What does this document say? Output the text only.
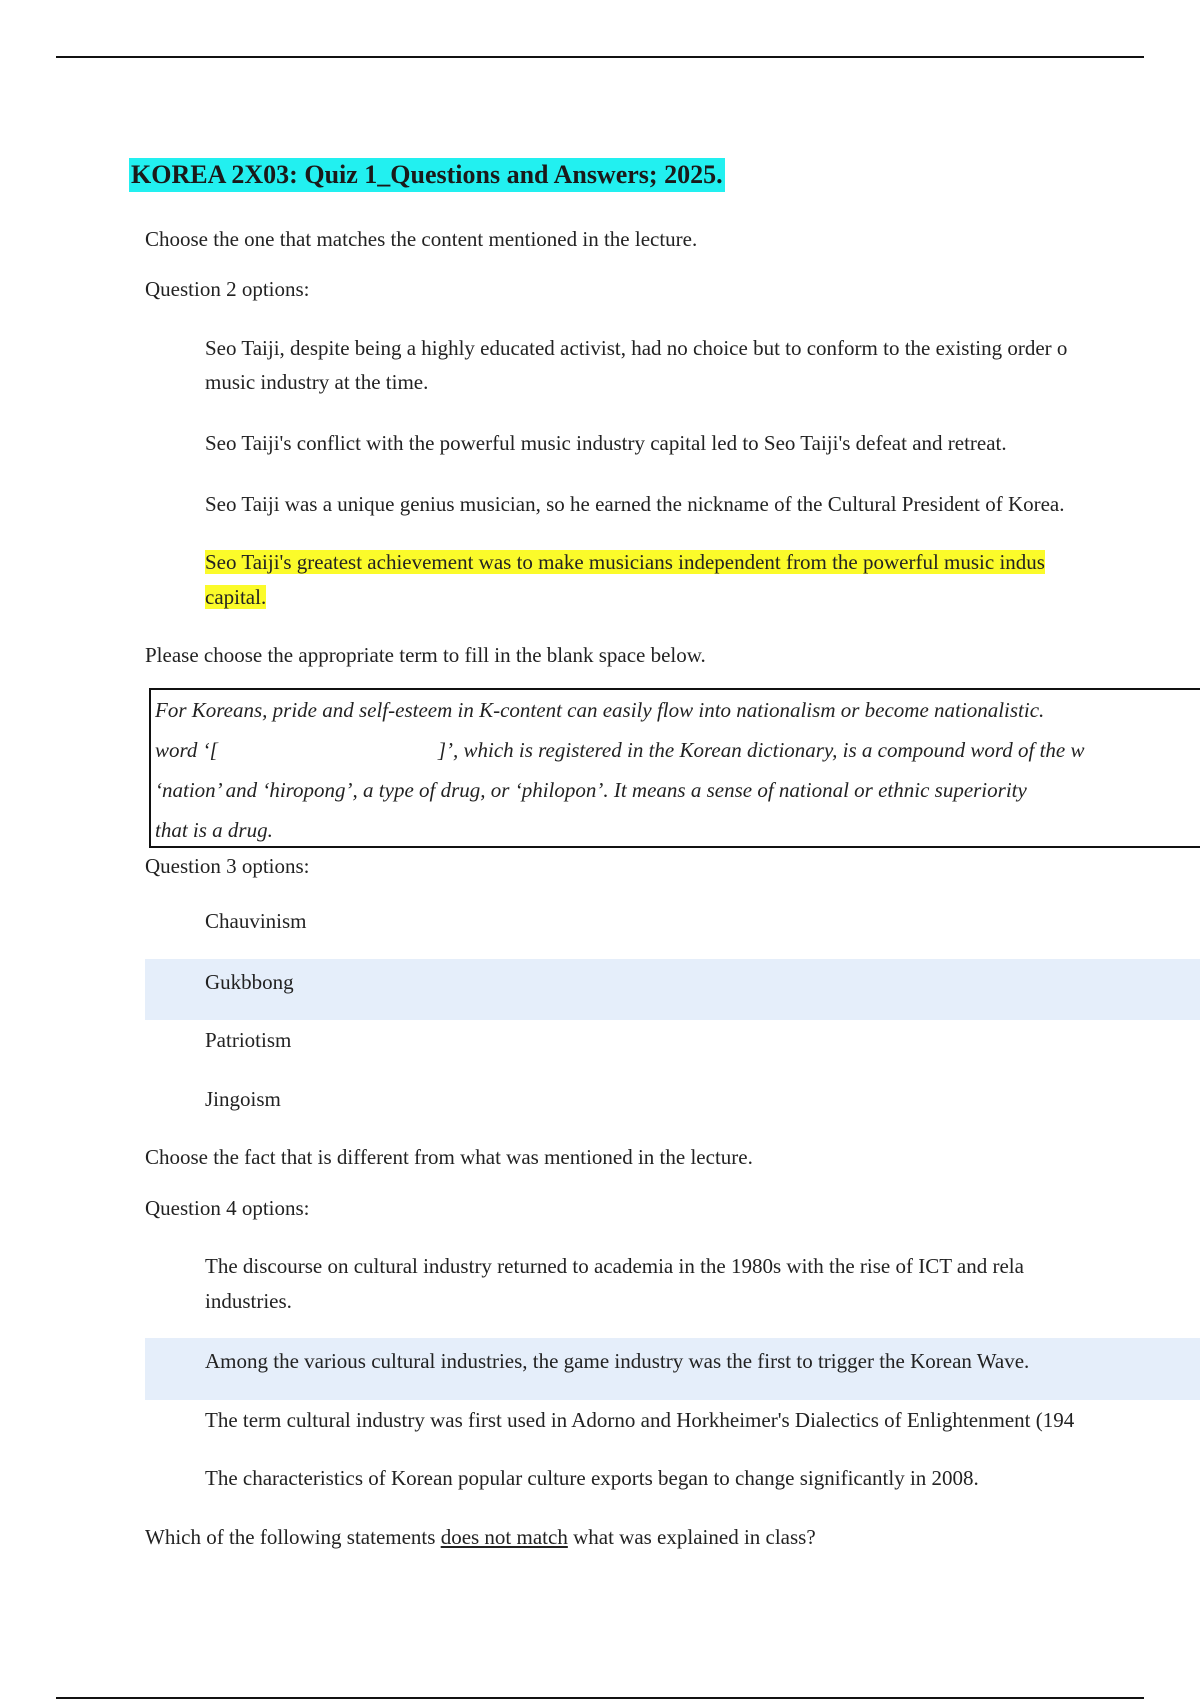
KOREA 2X03: Quiz 1_Questions and Answers; 2025.

Choose the one that matches the content mentioned in the lecture.

Question 2 options:

Seo Taiji, despite being a highly educated activist, had no choice but to conform to the existing order o

music industry at the time.

Seo Taiji's conflict with the powerful music industry capital led to Seo Taiji's defeat and retreat.

Seo Taiji was a unique genius musician, so he earned the nickname of the Cultural President of Korea.

Seo Taiji's greatest achievement was to make musicians independent from the powerful music indus

capital.

Please choose the appropriate term to fill in the blank space below.

For Koreans, pride and self-esteem in K-content can easily flow into nationalism or become nationalistic.

word ‘[	]’, which is registered in the Korean dictionary, is a compound word of the w

‘nation’ and ‘hiropong’, a type of drug, or ‘philopon’. It means a sense of national or ethnic superiority

that is a drug.

Question 3 options:

Chauvinism

Gukbbong

Patriotism

Jingoism

Choose the fact that is different from what was mentioned in the lecture.

Question 4 options:

The discourse on cultural industry returned to academia in the 1980s with the rise of ICT and rela

industries.

Among the various cultural industries, the game industry was the first to trigger the Korean Wave.

The term cultural industry was first used in Adorno and Horkheimer's Dialectics of Enlightenment (194

The characteristics of Korean popular culture exports began to change significantly in 2008.

Which of the following statements does not match what was explained in class?
